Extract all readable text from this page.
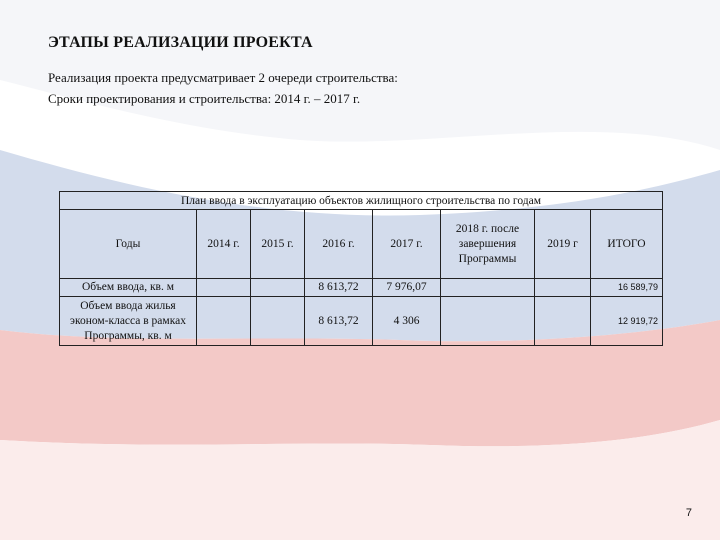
ЭТАПЫ РЕАЛИЗАЦИИ ПРОЕКТА
Реализация проекта предусматривает 2 очереди строительства:
Сроки проектирования и строительства: 2014 г. – 2017 г.
План ввода в эксплуатацию объектов жилищного строительства по годам							
Годы	2014 г.	2015 г.	2016 г.	2017 г.	2018 г. после завершения Программы	2019 г	ИТОГО
Объем ввода, кв. м			8 613,72	7 976,07			16 589,79
Объем ввода жилья эконом-класса в рамках Программы, кв. м			8 613,72	4 306			12 919,72
7
